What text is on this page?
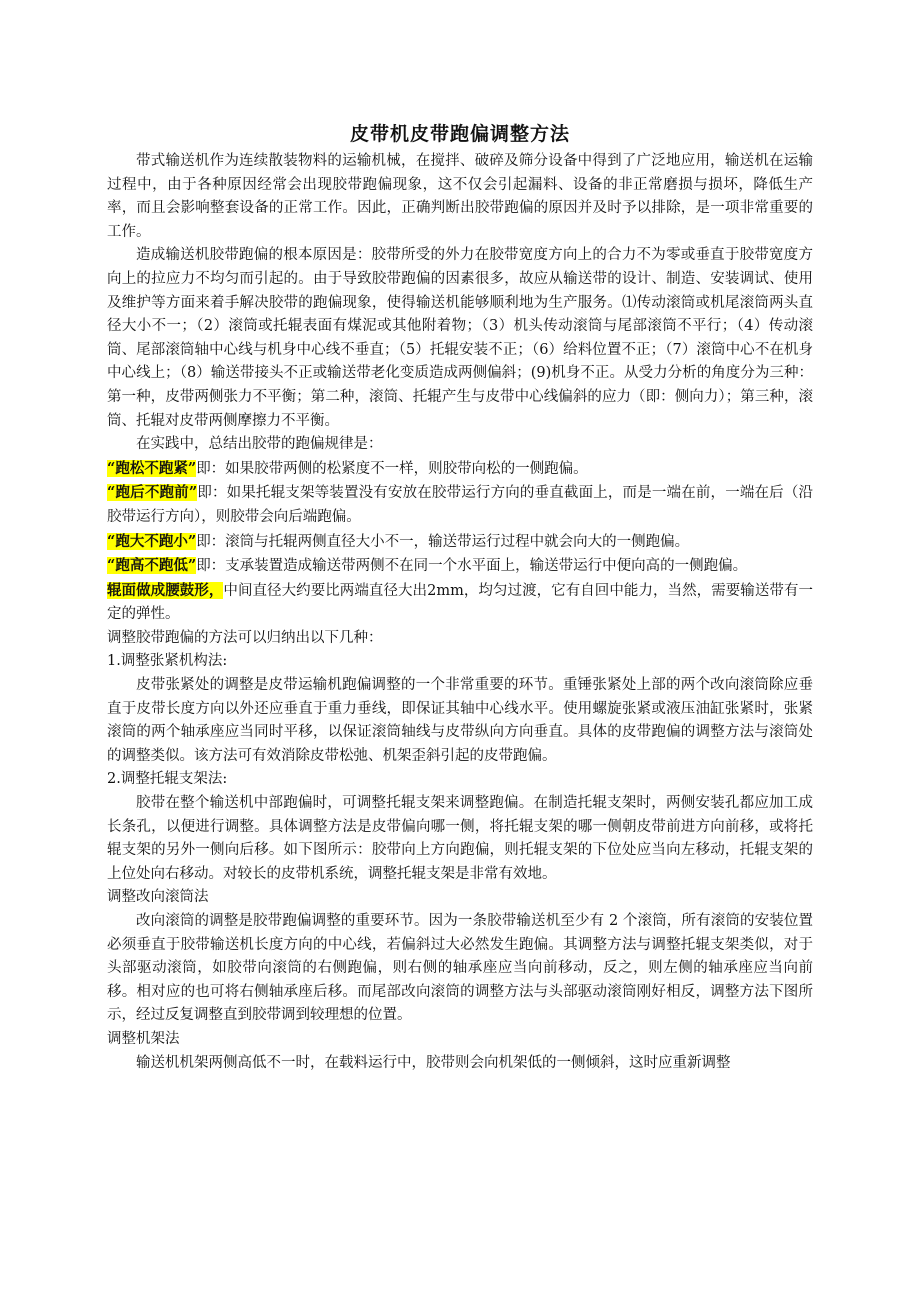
皮带机皮带跑偏调整方法

带式输送机作为连续散装物料的运输机械，在搅拌、破碎及筛分设备中得到了广泛地应用，输送机在运输过程中，由于各种原因经常会出现胶带跑偏现象，这不仅会引起漏料、设备的非正常磨损与损坏，降低生产率，而且会影响整套设备的正常工作。因此，正确判断出胶带跑偏的原因并及时予以排除，是一项非常重要的工作。

造成输送机胶带跑偏的根本原因是：胶带所受的外力在胶带宽度方向上的合力不为零或垂直于胶带宽度方向上的拉应力不均匀而引起的。由于导致胶带跑偏的因素很多，故应从输送带的设计、制造、安装调试、使用及维护等方面来着手解决胶带的跑偏现象，使得输送机能够顺利地为生产服务。⑴传动滚筒或机尾滚筒两头直径大小不一；（2）滚筒或托辊表面有煤泥或其他附着物；（3）机头传动滚筒与尾部滚筒不平行；（4）传动滚筒、尾部滚筒轴中心线与机身中心线不垂直；（5）托辊安装不正；（6）给料位置不正；（7）滚筒中心不在机身中心线上；（8）输送带接头不正或输送带老化变质造成两侧偏斜；(9)机身不正。从受力分析的角度分为三种：第一种，皮带两侧张力不平衡；第二种，滚筒、托辊产生与皮带中心线偏斜的应力（即：侧向力）；第三种，滚筒、托辊对皮带两侧摩擦力不平衡。

在实践中，总结出胶带的跑偏规律是：

“跑松不跑紧”即：如果胶带两侧的松紧度不一样，则胶带向松的一侧跑偏。

“跑后不跑前”即：如果托辊支架等装置没有安放在胶带运行方向的垂直截面上，而是一端在前，一端在后（沿胶带运行方向），则胶带会向后端跑偏。

“跑大不跑小”即：滚筒与托辊两侧直径大小不一，输送带运行过程中就会向大的一侧跑偏。

“跑高不跑低”即：支承装置造成输送带两侧不在同一个水平面上，输送带运行中便向高的一侧跑偏。

辊面做成腰鼓形，中间直径大约要比两端直径大出2mm，均匀过渡，它有自回中能力，当然，需要输送带有一定的弹性。

调整胶带跑偏的方法可以归纳出以下几种：

1.调整张紧机构法:

皮带张紧处的调整是皮带运输机跑偏调整的一个非常重要的环节。重锤张紧处上部的两个改向滚筒除应垂直于皮带长度方向以外还应垂直于重力垂线，即保证其轴中心线水平。使用螺旋张紧或液压油缸张紧时，张紧滚筒的两个轴承座应当同时平移，以保证滚筒轴线与皮带纵向方向垂直。具体的皮带跑偏的调整方法与滚筒处的调整类似。该方法可有效消除皮带松弛、机架歪斜引起的皮带跑偏。

2.调整托辊支架法:

胶带在整个输送机中部跑偏时，可调整托辊支架来调整跑偏。在制造托辊支架时，两侧安装孔都应加工成长条孔，以便进行调整。具体调整方法是皮带偏向哪一侧，将托辊支架的哪一侧朝皮带前进方向前移，或将托辊支架的另外一侧向后移。如下图所示：胶带向上方向跑偏，则托辊支架的下位处应当向左移动，托辊支架的上位处向右移动。对较长的皮带机系统，调整托辊支架是非常有效地。

调整改向滚筒法

改向滚筒的调整是胶带跑偏调整的重要环节。因为一条胶带输送机至少有 2 个滚筒，所有滚筒的安装位置必须垂直于胶带输送机长度方向的中心线，若偏斜过大必然发生跑偏。其调整方法与调整托辊支架类似，对于头部驱动滚筒，如胶带向滚筒的右侧跑偏，则右侧的轴承座应当向前移动，反之，则左侧的轴承座应当向前移。相对应的也可将右侧轴承座后移。而尾部改向滚筒的调整方法与头部驱动滚筒刚好相反，调整方法下图所示，经过反复调整直到胶带调到较理想的位置。

调整机架法

输送机机架两侧高低不一时，在载料运行中，胶带则会向机架低的一侧倾斜，这时应重新调整
